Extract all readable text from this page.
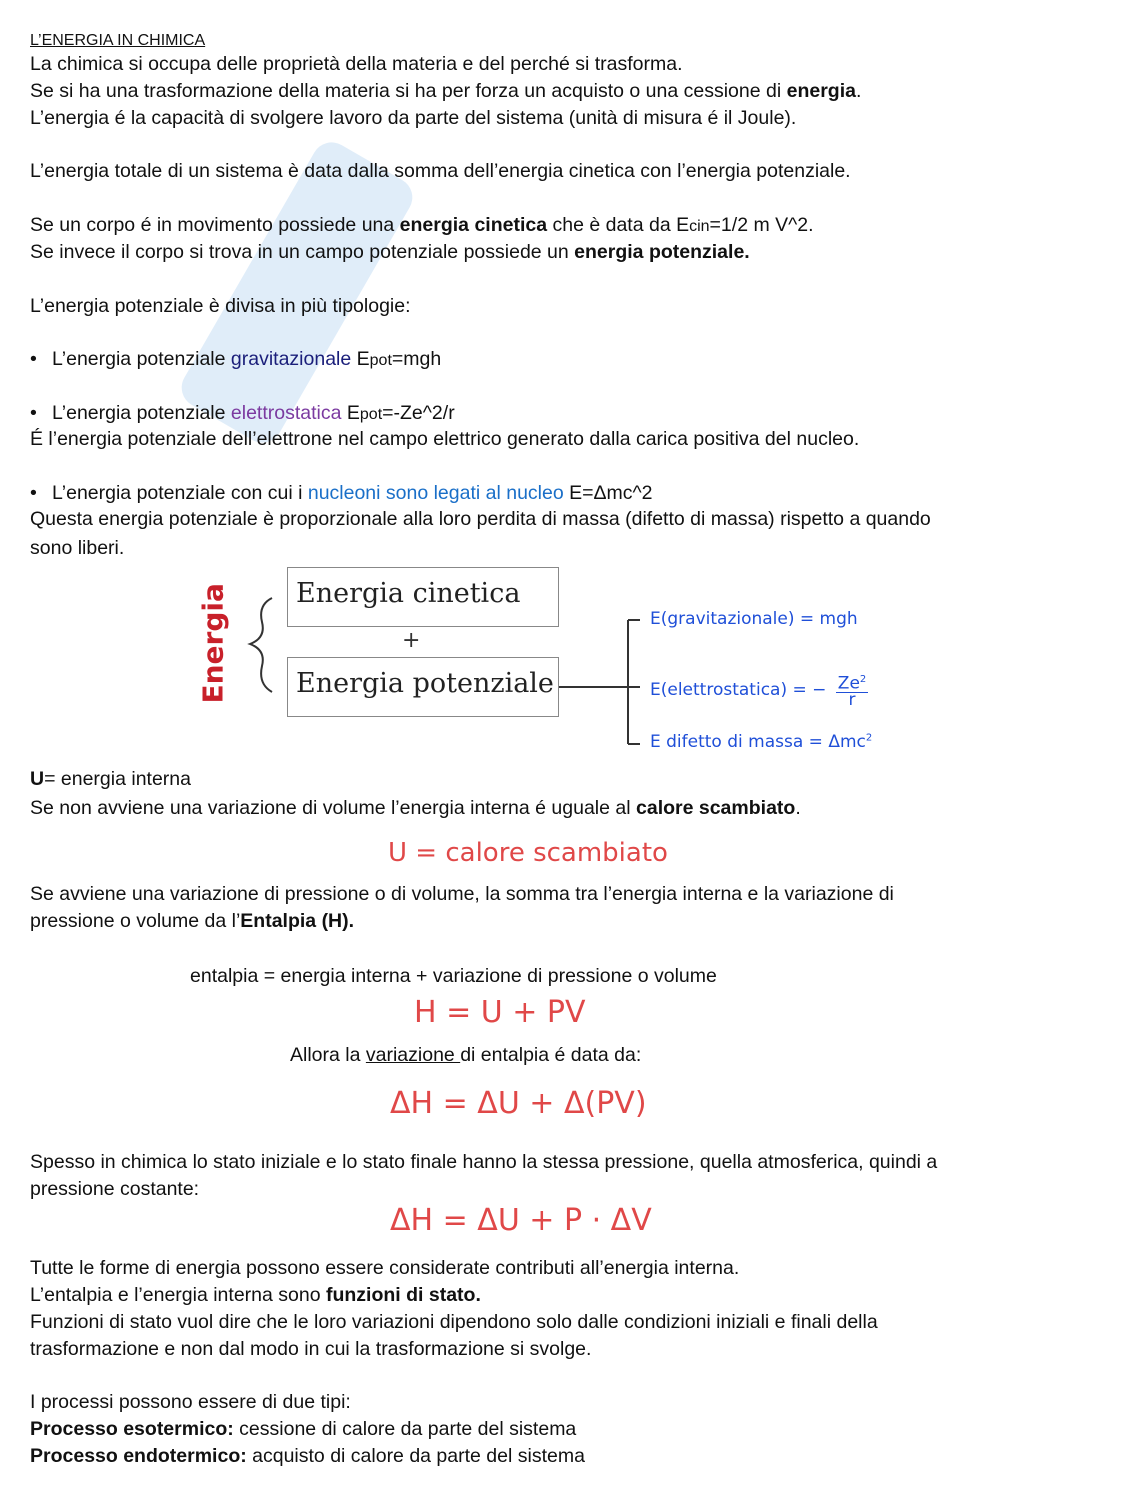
L’ENERGIA IN CHIMICA
La chimica si occupa delle proprietà della materia e del perché si trasforma.
Se si ha una trasformazione della materia si ha per forza un acquisto o una cessione di energia.
L’energia é la capacità di svolgere lavoro da parte del sistema (unità di misura é il Joule).
L’energia totale di un sistema è data dalla somma dell’energia cinetica con l’energia potenziale.
Se un corpo é in movimento possiede una energia cinetica che è data da Ecin=1/2 m V^2.
Se invece il corpo si trova in un campo potenziale possiede un energia potenziale.
L’energia potenziale è divisa in più tipologie:
• L’energia potenziale gravitazionale Epot=mgh
• L’energia potenziale elettrostatica Epot=-Ze^2/r
É l’energia potenziale dell’elettrone nel campo elettrico generato dalla carica positiva del nucleo.
• L’energia potenziale con cui i nucleoni sono legati al nucleo E=Δmc^2
Questa energia potenziale è proporzionale alla loro perdita di massa (difetto di massa) rispetto a quando
sono liberi.
Energia Energia cinetica
+
Energia potenziale
E(gravitazionale) = mgh
E(elettrostatica) = − $\frac{Ze^2}{r}$
E difetto di massa = Δmc$^2$
U= energia interna
Se non avviene una variazione di volume l’energia interna é uguale al calore scambiato.
U = calore scambiato
Se avviene una variazione di pressione o di volume, la somma tra l’energia interna e la variazione di
pressione o volume da l’Entalpia (H).
entalpia = energia interna + variazione di pressione o volume
H = U + PV
Allora la variazione di entalpia é data da:
ΔH = ΔU + Δ(PV)
Spesso in chimica lo stato iniziale e lo stato finale hanno la stessa pressione, quella atmosferica, quindi a
pressione costante:
ΔH = ΔU + P · ΔV
Tutte le forme di energia possono essere considerate contributi all’energia interna.
L’entalpia e l’energia interna sono funzioni di stato.
Funzioni di stato vuol dire che le loro variazioni dipendono solo dalle condizioni iniziali e finali della
trasformazione e non dal modo in cui la trasformazione si svolge.
I processi possono essere di due tipi:
Processo esotermico: cessione di calore da parte del sistema
Processo endotermico: acquisto di calore da parte del sistema
